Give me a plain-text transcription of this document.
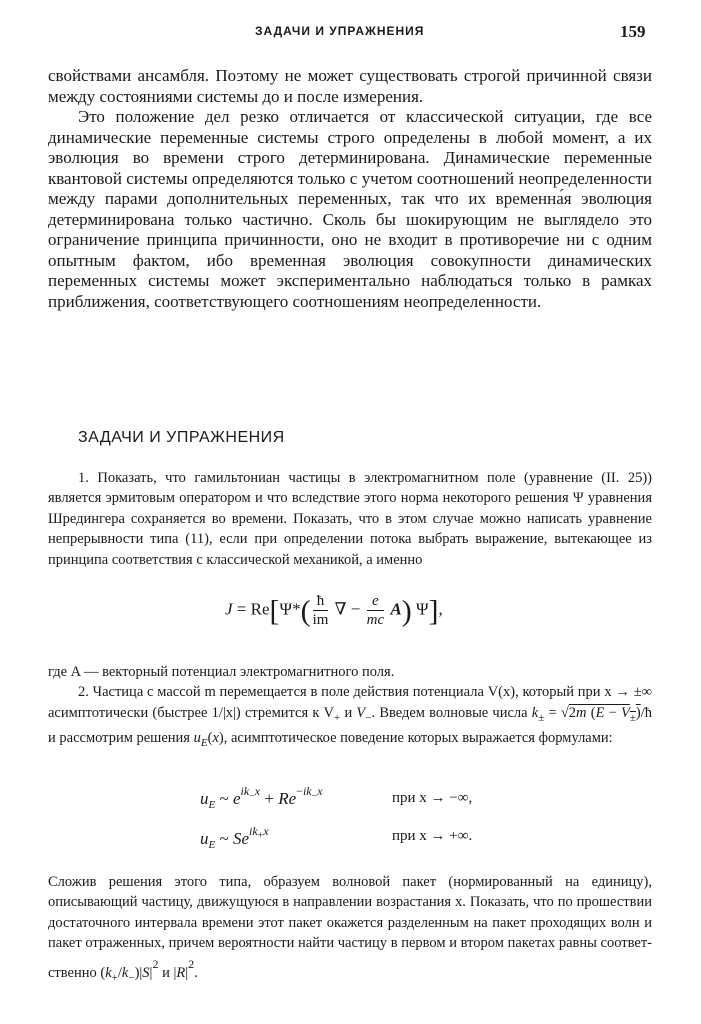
ЗАДАЧИ И УПРАЖНЕНИЯ	159

свойствами ансамбля. Поэтому не может существовать строгой причинной связи между состояниями системы до и после измерения.

Это положение дел резко отличается от классической ситуации, где все динамические переменные системы строго определены в любой момент, а их эволюция во времени строго детерминирована. Динамические переменные квантовой системы определяются только с учетом соотношений неопределенности между парами дополнительных переменных, так что их временна́я эволюция детерминирована только частично. Сколь бы шокирующим не выглядело это ограничение принципа причинности, оно не входит в противоречие ни с одним опытным фактом, ибо временная эволюция совокупности динамических переменных системы может экспериментально наблюдаться только в рамках приближения, соответствующего соотношениям неопределенности.

ЗАДАЧИ И УПРАЖНЕНИЯ

1. Показать, что гамильтониан частицы в электромагнитном поле (уравнение (II. 25)) является эрмитовым оператором и что вследствие этого норма некоторого решения Ψ уравнения Шредингера сохраняется во времени. Показать, что в этом случае можно написать уравнение непрерывности типа (11), если при определении потока выбрать выражение, вытекающее из принципа соответствия с классической механикой, а именно

$J = Re[\Psi*( \frac{ħ}{im}$ ∇ − $\frac{e}{mc} A$) Ψ],

где A — векторный потенциал электромагнитного поля.

2. Частица с массой m перемещается в поле действия потенциала V(x), который при x → ±∞ асимптотически (быстрее 1/|x|) стремится к $V_+$ и $V_-$. Введем волновые числа $k_\pm = √2m$ $(E - V_\pm)/ħ$ и рассмотрим решения $u_E(x)$, асимптотическое поведение которых выражается формулами:

$u_E$ ~ $e^{ik_-x} + Re^{-ik_-x}$	при x → −∞,
$u_E$ ~ $Se^{ik_+x}$	при x → +∞.

Сложив решения этого типа, образуем волновой пакет (нормированный на единицу), описывающий частицу, движущуюся в направлении возрастания x. Показать, что по прошествии достаточного интервала времени этот пакет окажется разделенным на пакет проходящих волн и пакет отраженных, причем вероятности найти частицу в первом и втором пакетах равны соответственно $(k_+/k_-)|S|^2$ и $|R|^2$.
